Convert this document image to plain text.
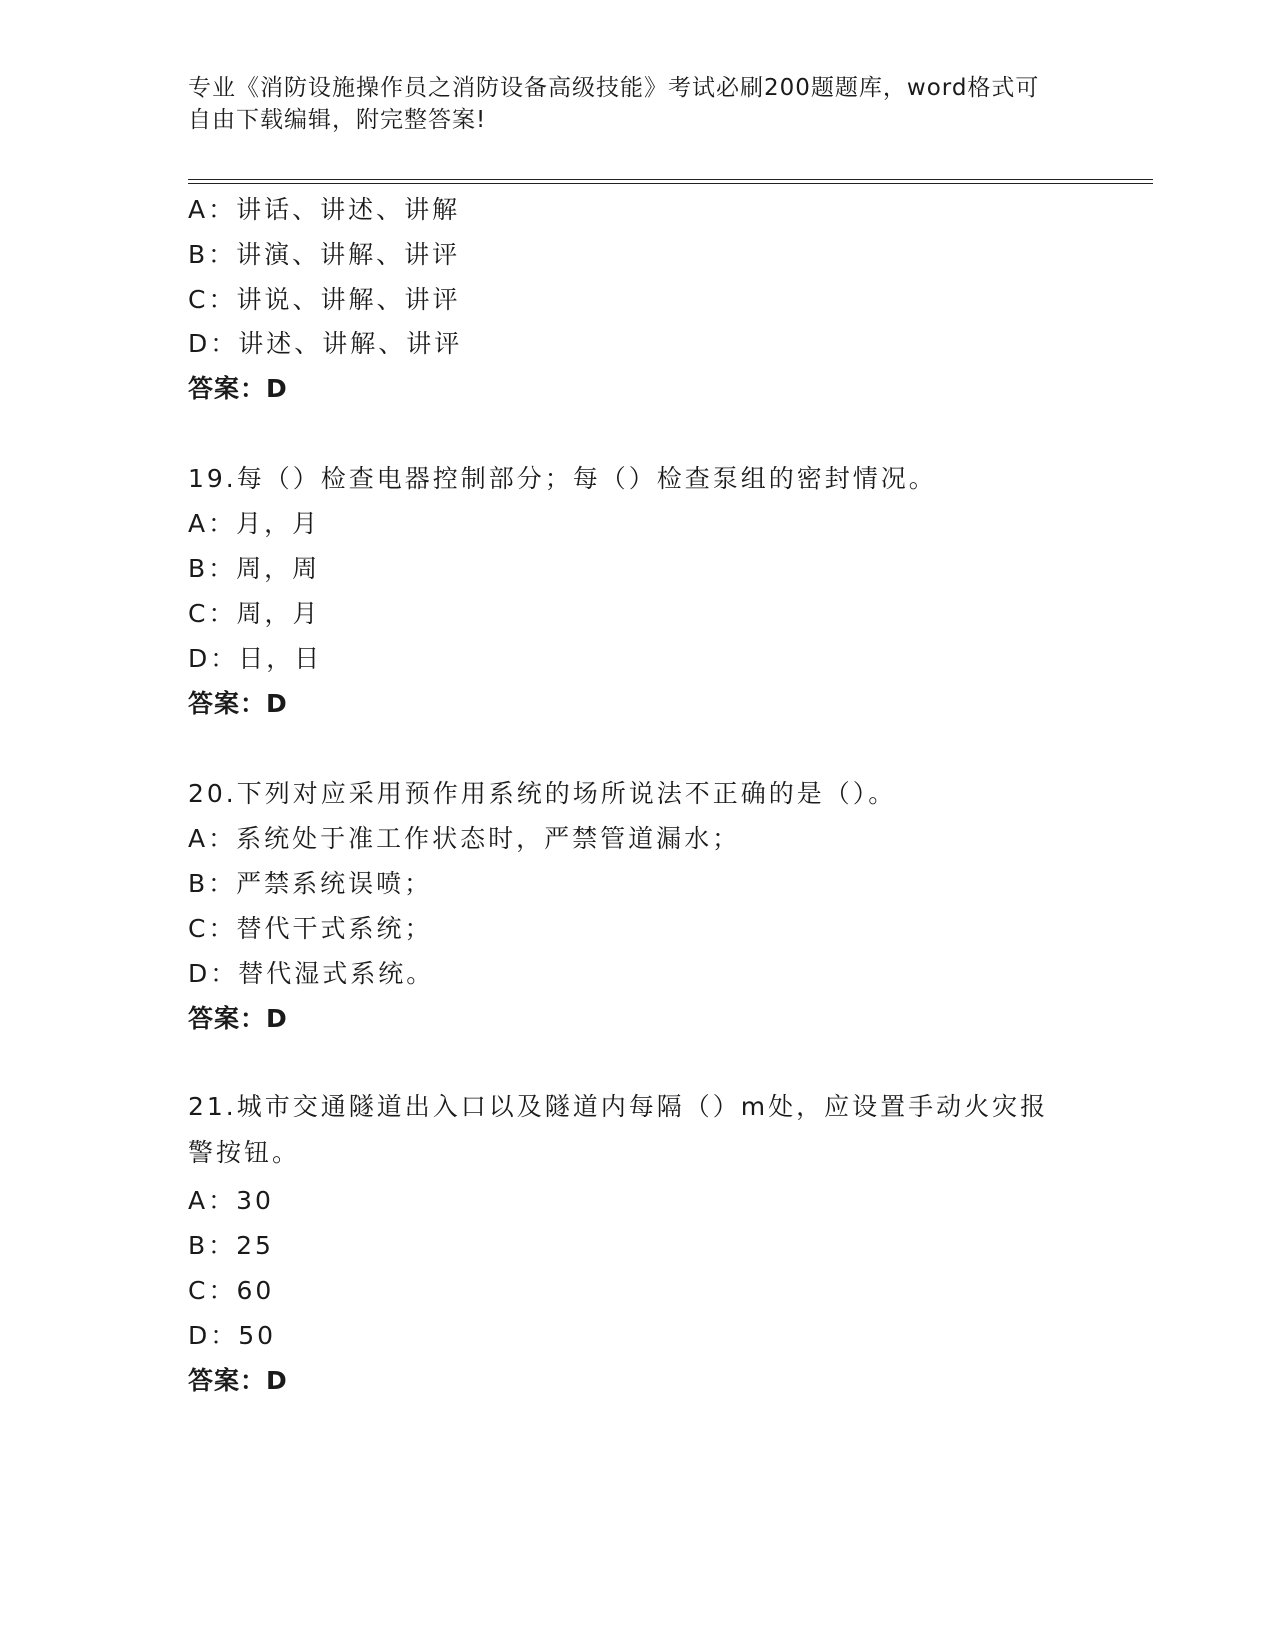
专业《消防设施操作员之消防设备高级技能》考试必刷200题题库，word格式可
自由下载编辑，附完整答案!
A：讲话、讲述、讲解
B：讲演、讲解、讲评
C：讲说、讲解、讲评
D：讲述、讲解、讲评
答案：D
19.每（）检查电器控制部分；每（）检查泵组的密封情况。
A：月，月
B：周，周
C：周，月
D：日，日
答案：D
20.下列对应采用预作用系统的场所说法不正确的是（）。
A：系统处于准工作状态时，严禁管道漏水；
B：严禁系统误喷；
C：替代干式系统；
D：替代湿式系统。
答案：D
21.城市交通隧道出入口以及隧道内每隔（）m处，应设置手动火灾报警按钮。
A：30
B：25
C：60
D：50
答案：D
